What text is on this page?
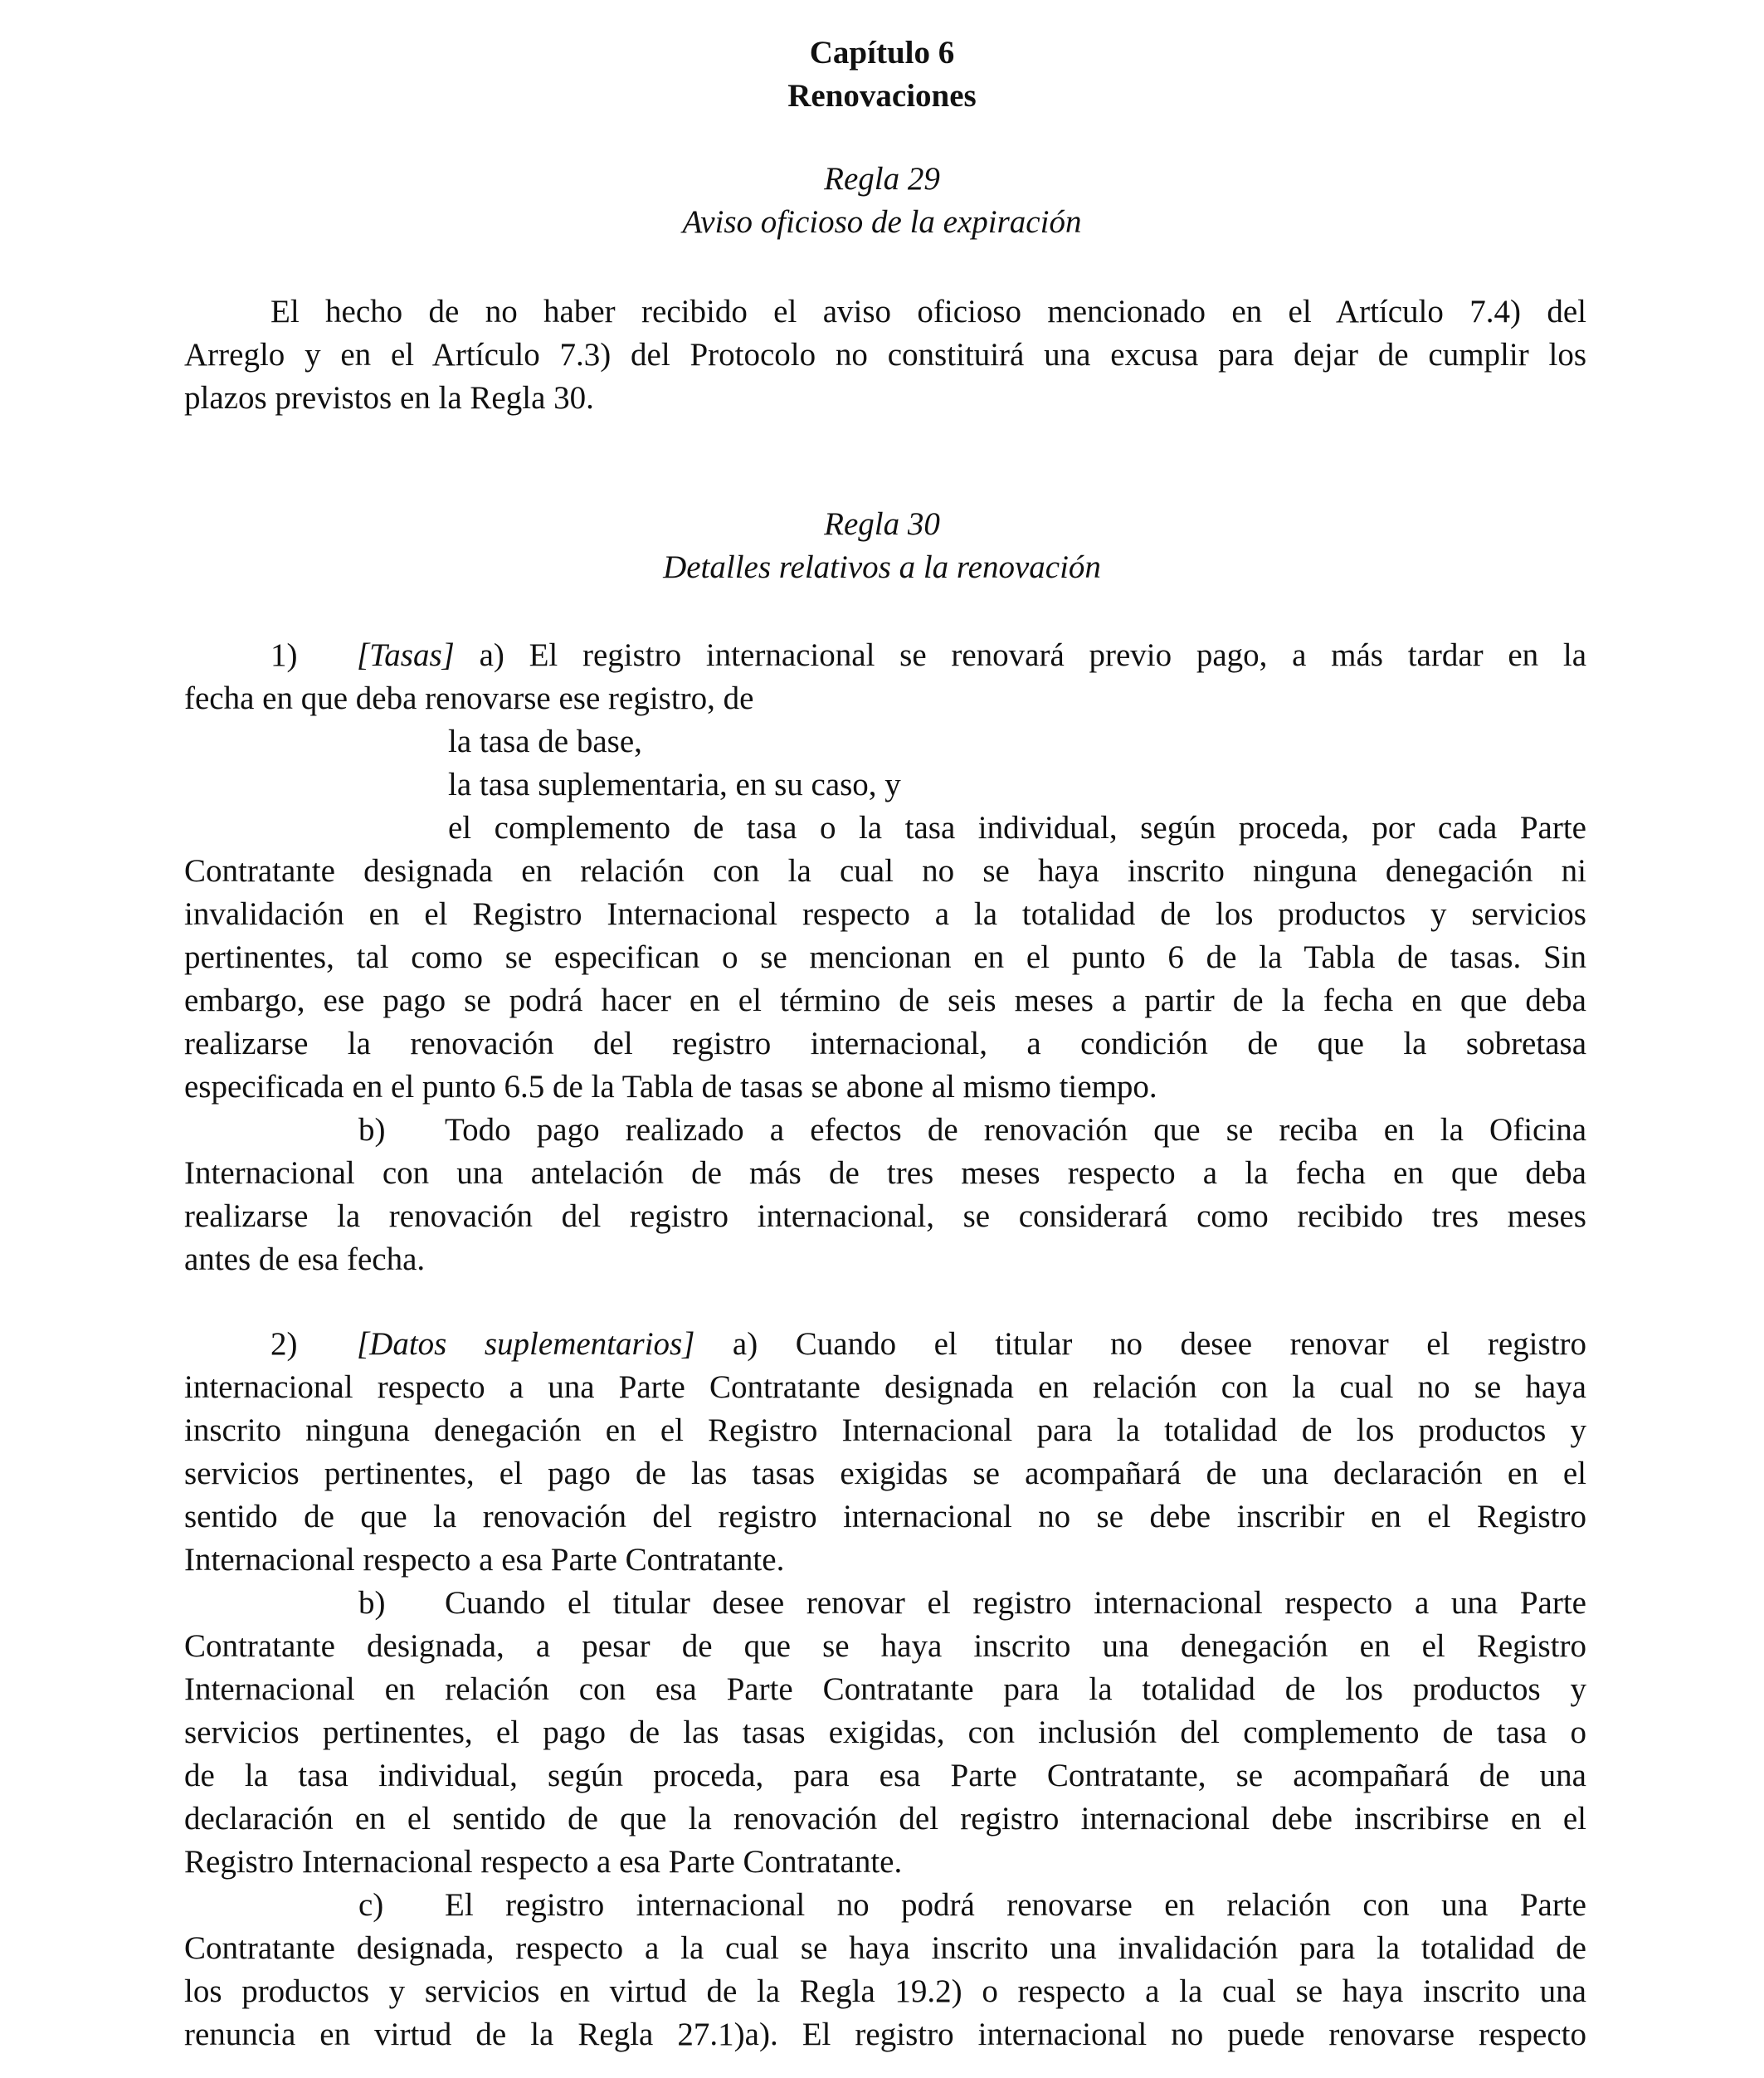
Capítulo 6
Renovaciones
Regla 29
Aviso oficioso de la expiración
El hecho de no haber recibido el aviso oficioso mencionado en el Artículo 7.4) del
Arreglo y en el Artículo 7.3) del Protocolo no constituirá una excusa para dejar de cumplir los
plazos previstos en la Regla 30.
Regla 30
Detalles relativos a la renovación
1) [Tasas] a) El registro internacional se renovará previo pago, a más tardar en la
fecha en que deba renovarse ese registro, de
la tasa de base,
la tasa suplementaria, en su caso, y
el complemento de tasa o la tasa individual, según proceda, por cada Parte
Contratante designada en relación con la cual no se haya inscrito ninguna denegación ni
invalidación en el Registro Internacional respecto a la totalidad de los productos y servicios
pertinentes, tal como se especifican o se mencionan en el punto 6 de la Tabla de tasas. Sin
embargo, ese pago se podrá hacer en el término de seis meses a partir de la fecha en que deba
realizarse la renovación del registro internacional, a condición de que la sobretasa
especificada en el punto 6.5 de la Tabla de tasas se abone al mismo tiempo.
b) Todo pago realizado a efectos de renovación que se reciba en la Oficina
Internacional con una antelación de más de tres meses respecto a la fecha en que deba
realizarse la renovación del registro internacional, se considerará como recibido tres meses
antes de esa fecha.
2) [Datos suplementarios] a) Cuando el titular no desee renovar el registro
internacional respecto a una Parte Contratante designada en relación con la cual no se haya
inscrito ninguna denegación en el Registro Internacional para la totalidad de los productos y
servicios pertinentes, el pago de las tasas exigidas se acompañará de una declaración en el
sentido de que la renovación del registro internacional no se debe inscribir en el Registro
Internacional respecto a esa Parte Contratante.
b) Cuando el titular desee renovar el registro internacional respecto a una Parte
Contratante designada, a pesar de que se haya inscrito una denegación en el Registro
Internacional en relación con esa Parte Contratante para la totalidad de los productos y
servicios pertinentes, el pago de las tasas exigidas, con inclusión del complemento de tasa o
de la tasa individual, según proceda, para esa Parte Contratante, se acompañará de una
declaración en el sentido de que la renovación del registro internacional debe inscribirse en el
Registro Internacional respecto a esa Parte Contratante.
c) El registro internacional no podrá renovarse en relación con una Parte
Contratante designada, respecto a la cual se haya inscrito una invalidación para la totalidad de
los productos y servicios en virtud de la Regla 19.2) o respecto a la cual se haya inscrito una
renuncia en virtud de la Regla 27.1)a). El registro internacional no puede renovarse respecto
